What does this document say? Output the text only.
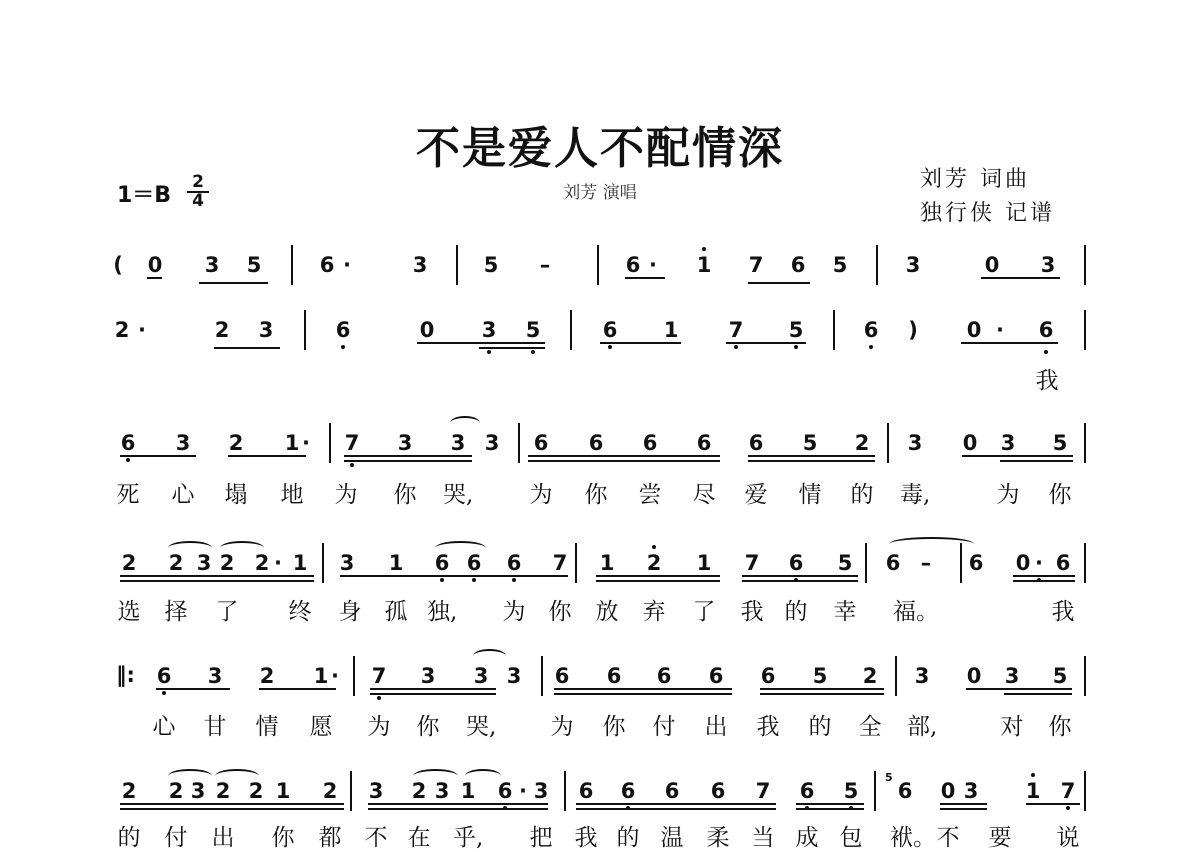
不是爱人不配情深
刘芳 演唱
刘芳 词曲
独行侠 记谱
1＝B
2
4
(	0 3 5	6 ·	3	5	–	6 ·	1 7 6 5	3	0 3
2 ·	2 3	6	0 3 5	6 1 7 5	6	)	0 ·	6
我
6 3 2 1 ·	7 3 3 3 6 6 6 6 6 5 2 3 0 3 5
死 心 塌 地 为 你 哭, 为 你 尝 尽 爱 情 的 毒,	为 你
2 2 3 2 2 · 1 3 1 6 6 6 7 1 2 1 7 6 5 6 –	6 0 · 6
选 择 了 终 身 孤 独, 为 你 放 弃 了 我 的 幸 福。	我
‖: 6 3 2 1 ·	7 3 3 3 6 6 6 6 6 5 2 3 0 3 5
心 甘 情 愿 为 你 哭, 为 你 付 出 我 的 全 部,	对 你
2 2 3 2 2 1 2 3 2 3 1 6 · 3 6 6 6 6 7 6 5
5
6 0 3 1 7
的 付 出 你 都 不 在 乎, 把 我 的 温 柔 当 成 包 袱。 不 要 说
